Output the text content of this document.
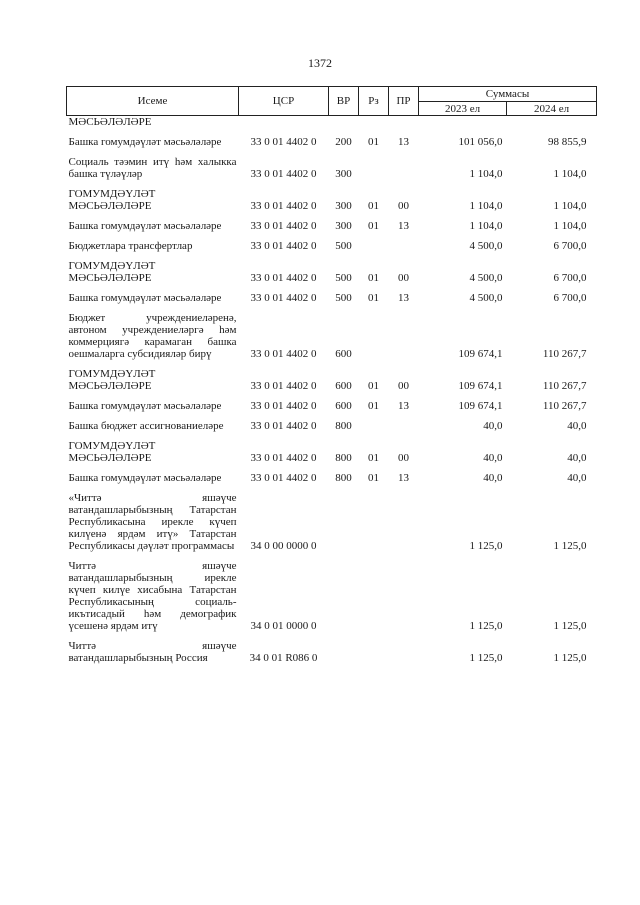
1372
Исеме	ЦСР	ВР	Рз	ПР	Суммасы	
					2023 ел	2024 ел
МӘСЬӘЛӘЛӘРЕ						
Башка гомумдәүләт мәсьәләләре	33 0 01 4402 0	200	01	13	101 056,0	98 855,9
Социаль тәэмин итү һәм халыкка башка түләүләр	33 0 01 4402 0	300			1 104,0	1 104,0
ГОМУМДӘҮЛӘТ МӘСЬӘЛӘЛӘРЕ	33 0 01 4402 0	300	01	00	1 104,0	1 104,0
Башка гомумдәүләт мәсьәләләре	33 0 01 4402 0	300	01	13	1 104,0	1 104,0
Бюджетлара трансфертлар	33 0 01 4402 0	500			4 500,0	6 700,0
ГОМУМДӘҮЛӘТ МӘСЬӘЛӘЛӘРЕ	33 0 01 4402 0	500	01	00	4 500,0	6 700,0
Башка гомумдәүләт мәсьәләләре	33 0 01 4402 0	500	01	13	4 500,0	6 700,0
Бюджет учреждениеләренә, автоном учреждениеләргә һәм коммерциягә карамаган башка оешмаларга субсидияләр бирү	33 0 01 4402 0	600			109 674,1	110 267,7
ГОМУМДӘҮЛӘТ МӘСЬӘЛӘЛӘРЕ	33 0 01 4402 0	600	01	00	109 674,1	110 267,7
Башка гомумдәүләт мәсьәләләре	33 0 01 4402 0	600	01	13	109 674,1	110 267,7
Башка бюджет ассигнованиеләре	33 0 01 4402 0	800			40,0	40,0
ГОМУМДӘҮЛӘТ МӘСЬӘЛӘЛӘРЕ	33 0 01 4402 0	800	01	00	40,0	40,0
Башка гомумдәүләт мәсьәләләре	33 0 01 4402 0	800	01	13	40,0	40,0
«Читтә яшәүче ватандашларыбызның Татарстан Республикасына ирекле күчеп килүенә ярдәм итү» Татарстан Республикасы дәүләт программасы	34 0 00 0000 0				1 125,0	1 125,0
Читтә яшәүче ватандашларыбызның ирекле күчеп килүе хисабына Татарстан Республикасының социаль-икътисадый һәм демографик үсешенә ярдәм итү	34 0 01 0000 0				1 125,0	1 125,0
Читтә яшәүче ватандашларыбызның Россия	34 0 01 R086 0				1 125,0	1 125,0
